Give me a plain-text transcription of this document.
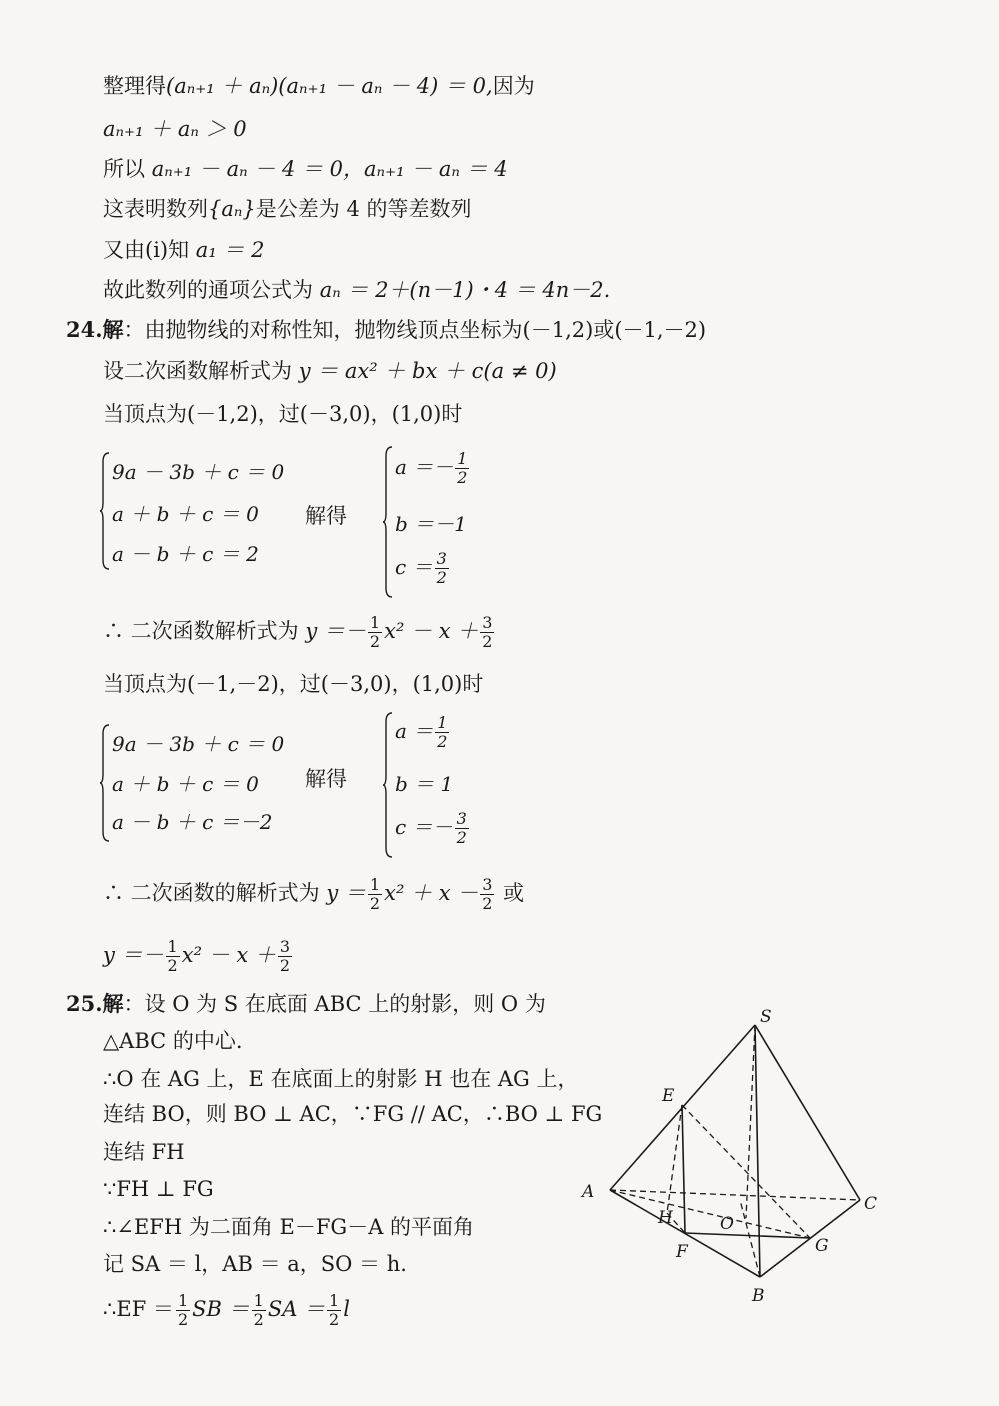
整理得(aₙ₊₁ ＋ aₙ)(aₙ₊₁ － aₙ － 4) ＝ 0,因为
aₙ₊₁ ＋ aₙ ＞ 0
所以 aₙ₊₁ － aₙ － 4 ＝ 0，aₙ₊₁ － aₙ ＝ 4
这表明数列{aₙ}是公差为 4 的等差数列
又由(ⅰ)知 a₁ ＝ 2
故此数列的通项公式为 aₙ ＝ 2＋(n－1)・4 ＝ 4n－2.
24.解：由抛物线的对称性知，抛物线顶点坐标为(－1,2)或(－1,－2)
设二次函数解析式为 y ＝ ax² ＋ bx ＋ c(a ≠ 0)
当顶点为(－1,2)，过(－3,0)，(1,0)时
9a － 3b ＋ c ＝ 0
a ＋ b ＋ c ＝ 0
a － b ＋ c ＝ 2
解得
$a =- \frac{1}{2}$
b ＝－1
$c = \frac{3}{2}$
∴ 二次函数解析式为 $y =- \frac{1}{2} x^2 - x + \frac{3}{2}$
当顶点为(－1,－2)，过(－3,0)，(1,0)时
9a － 3b ＋ c ＝ 0
a ＋ b ＋ c ＝ 0
a － b ＋ c ＝－2
解得
$a = \frac{1}{2}$
b ＝ 1
$c =- \frac{3}{2}$
∴ 二次函数的解析式为 $y = \frac{1}{2} x^2 + x - \frac{3}{2}$ 或
$y =- \frac{1}{2} x^2 - x + \frac{3}{2}$
25.解：设 O 为 S 在底面 ABC 上的射影，则 O 为
△ABC 的中心.
∴O 在 AG 上，E 在底面上的射影 H 也在 AG 上，
连结 BO，则 BO ⊥ AC，∵FG // AC，∴BO ⊥ FG
连结 FH
∵FH ⊥ FG
∴∠EFH 为二面角 E－FG－A 的平面角
记 SA ＝ l，AB ＝ a，SO ＝ h.
∴EF ＝ $\frac{1}{2}$ SB ＝ $\frac{1}{2}$ SA ＝ $\frac{1}{2}$ l
S
E
A
H	O
C
F	G
B
